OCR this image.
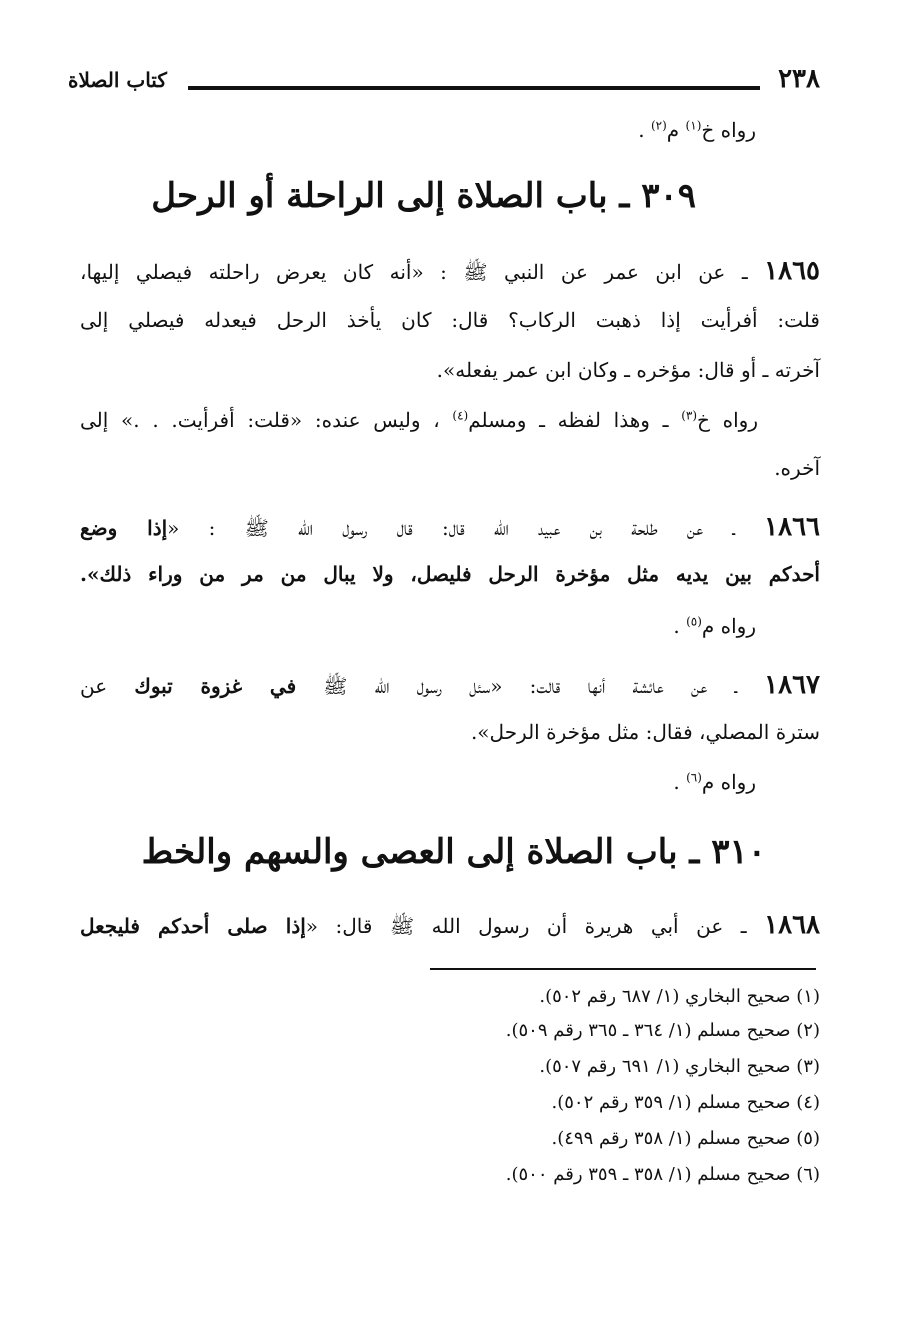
٢٣٨
كتاب الصلاة
رواه خ$^{(١)}$ م$^{(٢)}$ .
٣٠٩ ـ باب الصلاة إلى الراحلة أو الرحل
١٨٦٥ ـ عن ابن عمر عن النبي ﷺ : «أنه كان يعرض راحلته فيصلي إليها،
قلت: أفرأيت إذا ذهبت الركاب؟ قال: كان يأخذ الرحل فيعدله فيصلي إلى
آخرته ـ أو قال: مؤخره ـ وكان ابن عمر يفعله».
رواه خ$^{(٣)}$ ـ وهذا لفظه ـ ومسلم$^{(٤)}$ ، وليس عنده: «قلت: أفرأيت. . .» إلى
آخره.
١٨٦٦ ـ عن طلحة بن عبيد الله قال: قال رسول الله ﷺ : «إذا وضع
أحدكم بين يديه مثل مؤخرة الرحل فليصل، ولا يبال من مر من وراء ذلك».
رواه م$^{(٥)}$ .
١٨٦٧ ـ عن عائشة أنها قالت: «سئل رسول الله ﷺ في غزوة تبوك عن
سترة المصلي، فقال: مثل مؤخرة الرحل».
رواه م$^{(٦)}$ .
٣١٠ ـ باب الصلاة إلى العصى والسهم والخط
١٨٦٨ ـ عن أبي هريرة أن رسول الله ﷺ قال: «إذا صلى أحدكم فليجعل
(١) صحيح البخاري (١/ ٦٨٧ رقم ٥٠٢).
(٢) صحيح مسلم (١/ ٣٦٤ ـ ٣٦٥ رقم ٥٠٩).
(٣) صحيح البخاري (١/ ٦٩١ رقم ٥٠٧).
(٤) صحيح مسلم (١/ ٣٥٩ رقم ٥٠٢).
(٥) صحيح مسلم (١/ ٣٥٨ رقم ٤٩٩).
(٦) صحيح مسلم (١/ ٣٥٨ ـ ٣٥٩ رقم ٥٠٠).
